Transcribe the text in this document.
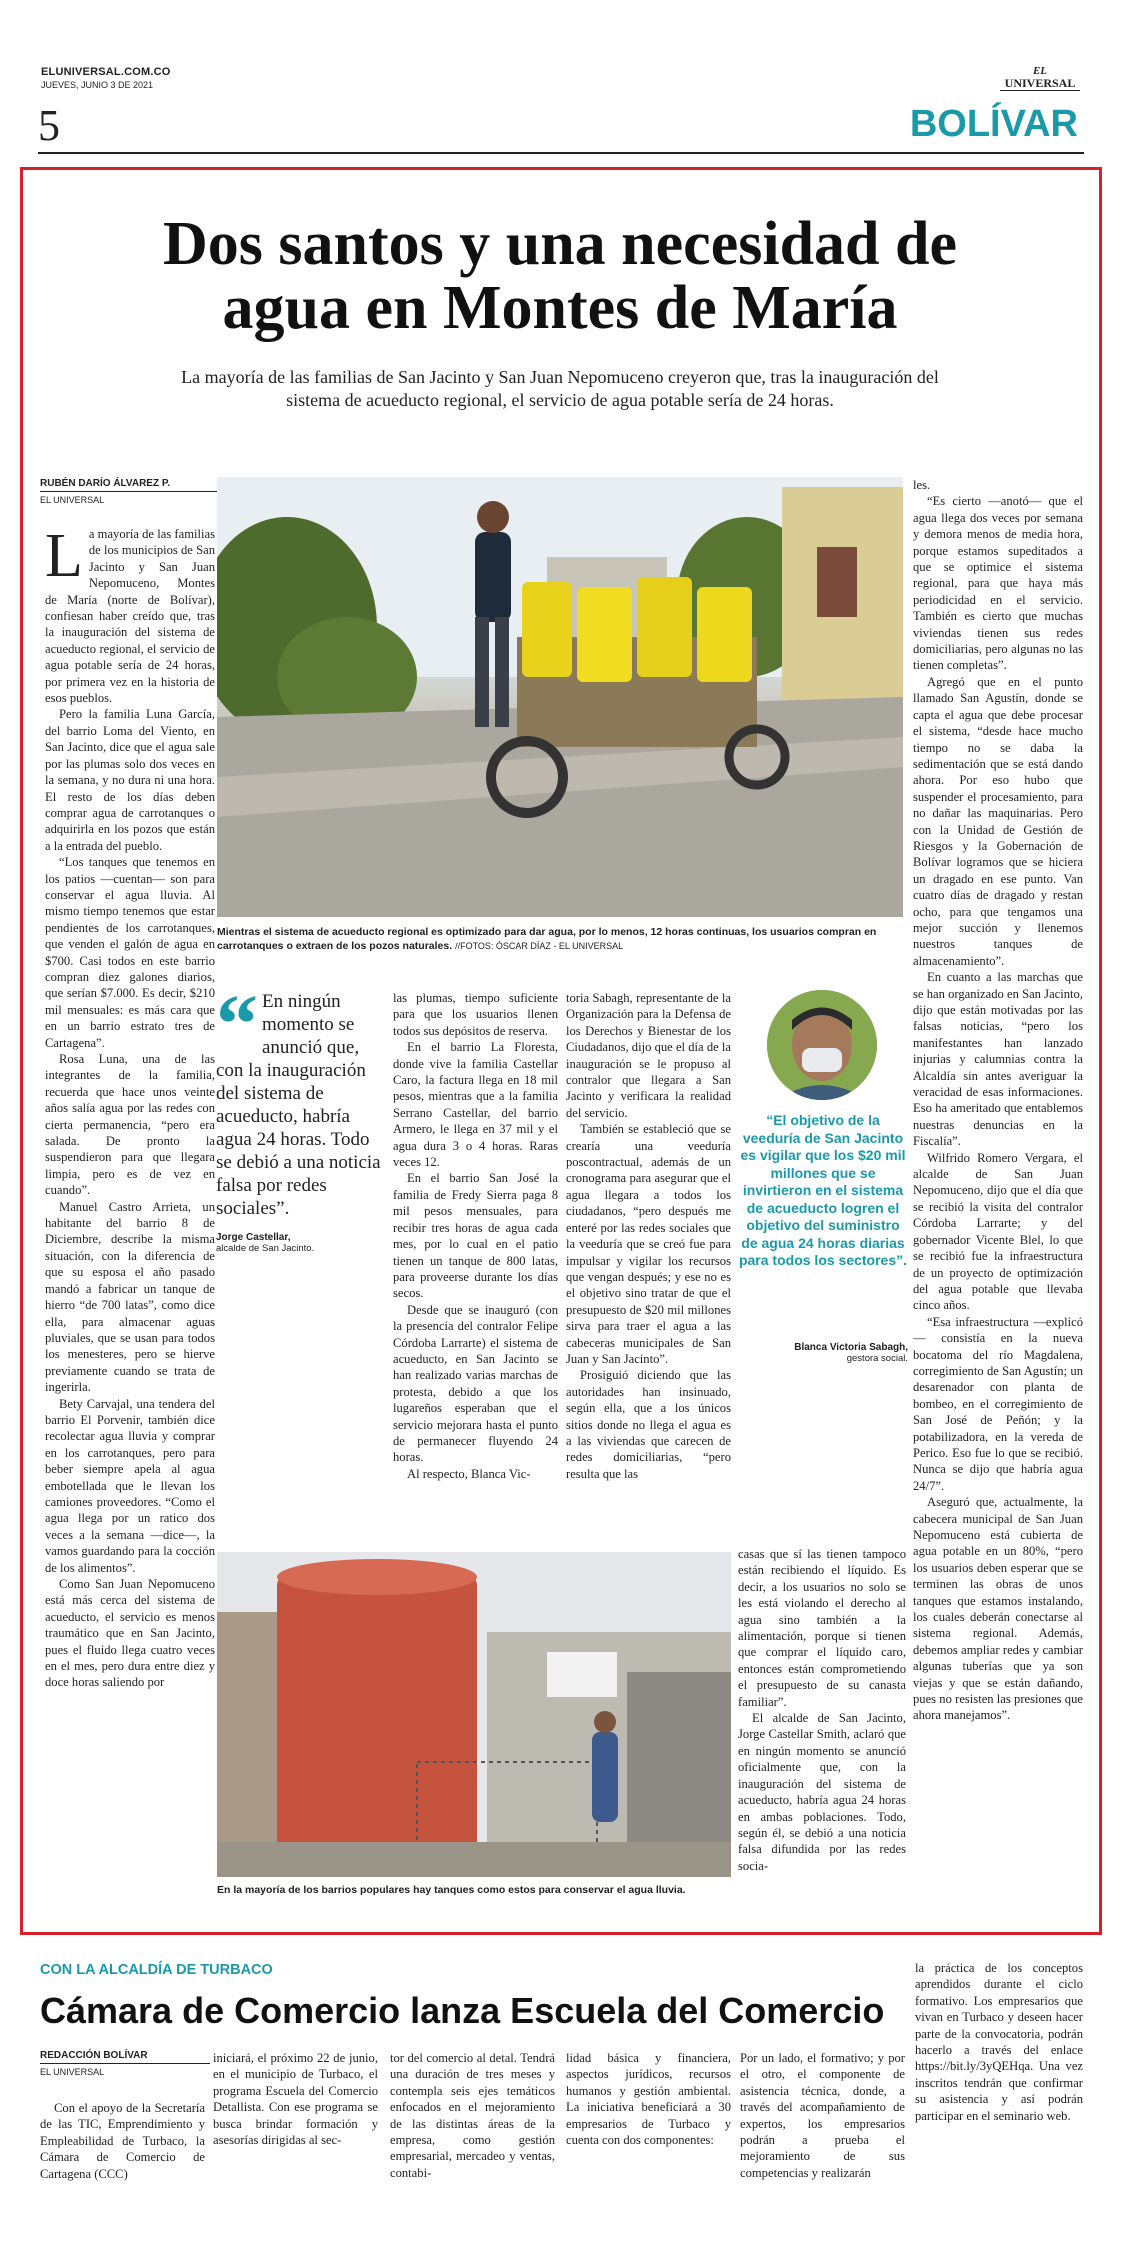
ELUNIVERSAL.COM.CO
JUEVES, JUNIO 3 DE 2021
5
EL
UNIVERSAL
BOLÍVAR
Dos santos y una necesidad de agua en Montes de María
La mayoría de las familias de San Jacinto y San Juan Nepomuceno creyeron que, tras la inauguración del sistema de acueducto regional, el servicio de agua potable sería de 24 horas.
RUBÉN DARÍO ÁLVAREZ P.
EL UNIVERSAL
Mientras el sistema de acueducto regional es optimizado para dar agua, por lo menos, 12 horas continuas, los usuarios compran en carrotanques o extraen de los pozos naturales. //FOTOS: ÓSCAR DÍAZ - EL UNIVERSAL

La mayoría de las familias de los municipios de San Jacinto y San Juan Nepomuceno, Montes de María (norte de Bolívar), confiesan haber creído que, tras la inauguración del sistema de acueducto regional, el servicio de agua potable sería de 24 horas, por primera vez en la historia de esos pueblos.

Pero la familia Luna García, del barrio Loma del Viento, en San Jacinto, dice que el agua sale por las plumas solo dos veces en la semana, y no dura ni una hora. El resto de los días deben comprar agua de carrotanques o adquirirla en los pozos que están a la entrada del pueblo.

“Los tanques que tenemos en los patios —cuentan— son para conservar el agua lluvia. Al mismo tiempo tenemos que estar pendientes de los carrotanques, que venden el galón de agua en $700. Casi todos en este barrio compran diez galones diarios, que serían $7.000. Es decir, $210 mil mensuales: es más cara que en un barrio estrato tres de Cartagena”.

Rosa Luna, una de las integrantes de la familia, recuerda que hace unos veinte años salía agua por las redes con cierta permanencia, “pero era salada. De pronto la suspendieron para que llegara limpia, pero es de vez en cuando”.

Manuel Castro Arrieta, un habitante del barrio 8 de Diciembre, describe la misma situación, con la diferencia de que su esposa el año pasado mandó a fabricar un tanque de hierro “de 700 latas”, como dice ella, para almacenar aguas pluviales, que se usan para todos los menesteres, pero se hierve previamente cuando se trata de ingerirla.

Bety Carvajal, una tendera del barrio El Porvenir, también dice recolectar agua lluvia y comprar en los carrotanques, pero para beber siempre apela al agua embotellada que le llevan los camiones proveedores. “Como el agua llega por un ratico dos veces a la semana —dice—, la vamos guardando para la cocción de los alimentos”.

Como San Juan Nepomuceno está más cerca del sistema de acueducto, el servicio es menos traumático que en San Jacinto, pues el fluido llega cuatro veces en el mes, pero dura entre diez y doce horas saliendo por

“ En ningún momento se anunció que, con la inauguración del sistema de acueducto, habría agua 24 horas. Todo se debió a una noticia falsa por redes sociales”.
Jorge Castellar,
alcalde de San Jacinto.

las plumas, tiempo suficiente para que los usuarios llenen todos sus depósitos de reserva.

En el barrio La Floresta, donde vive la familia Castellar Caro, la factura llega en 18 mil pesos, mientras que a la familia Serrano Castellar, del barrio Armero, le llega en 37 mil y el agua dura 3 o 4 horas. Raras veces 12.

En el barrio San José la familia de Fredy Sierra paga 8 mil pesos mensuales, para recibir tres horas de agua cada mes, por lo cual en el patio tienen un tanque de 800 latas, para proveerse durante los días secos.

Desde que se inauguró (con la presencia del contralor Felipe Córdoba Larrarte) el sistema de acueducto, en San Jacinto se han realizado varias marchas de protesta, debido a que los lugareños esperaban que el servicio mejorara hasta el punto de permanecer fluyendo 24 horas.

Al respecto, Blanca Vic-

toria Sabagh, representante de la Organización para la Defensa de los Derechos y Bienestar de los Ciudadanos, dijo que el día de la inauguración se le propuso al contralor que llegara a San Jacinto y verificara la realidad del servicio.

También se estableció que se crearía una veeduría poscontractual, además de un cronograma para asegurar que el agua llegara a todos los ciudadanos, “pero después me enteré por las redes sociales que la veeduría que se creó fue para impulsar y vigilar los recursos que vengan después; y ese no es el objetivo sino tratar de que el presupuesto de $20 mil millones sirva para traer el agua a las cabeceras municipales de San Juan y San Jacinto”.

Prosiguió diciendo que las autoridades han insinuado, según ella, que a los únicos sitios donde no llega el agua es a las viviendas que carecen de redes domiciliarias, “pero resulta que las

“El objetivo de la veeduría de San Jacinto es vigilar que los $20 mil millones que se invirtieron en el sistema de acueducto logren el objetivo del suministro de agua 24 horas diarias para todos los sectores”.
Blanca Victoria Sabagh,
gestora social.

casas que sí las tienen tampoco están recibiendo el líquido. Es decir, a los usuarios no solo se les está violando el derecho al agua sino también a la alimentación, porque si tienen que comprar el líquido caro, entonces están comprometiendo el presupuesto de su canasta familiar”.

El alcalde de San Jacinto, Jorge Castellar Smith, aclaró que en ningún momento se anunció oficialmente que, con la inauguración del sistema de acueducto, habría agua 24 horas en ambas poblaciones. Todo, según él, se debió a una noticia falsa difundida por las redes socia-

les.

“Es cierto —anotó— que el agua llega dos veces por semana y demora menos de media hora, porque estamos supeditados a que se optimice el sistema regional, para que haya más periodicidad en el servicio. También es cierto que muchas viviendas tienen sus redes domiciliarias, pero algunas no las tienen completas”.

Agregó que en el punto llamado San Agustín, donde se capta el agua que debe procesar el sistema, “desde hace mucho tiempo no se daba la sedimentación que se está dando ahora. Por eso hubo que suspender el procesamiento, para no dañar las maquinarias. Pero con la Unidad de Gestión de Riesgos y la Gobernación de Bolívar logramos que se hiciera un dragado en ese punto. Van cuatro días de dragado y restan ocho, para que tengamos una mejor succión y llenemos nuestros tanques de almacenamiento”.

En cuanto a las marchas que se han organizado en San Jacinto, dijo que están motivadas por las falsas noticias, “pero los manifestantes han lanzado injurias y calumnias contra la Alcaldía sin antes averiguar la veracidad de esas informaciones. Eso ha ameritado que entablemos nuestras denuncias en la Fiscalía”.

Wilfrido Romero Vergara, el alcalde de San Juan Nepomuceno, dijo que el día que se recibió la visita del contralor Córdoba Larrarte; y del gobernador Vicente Blel, lo que se recibió fue la infraestructura de un proyecto de optimización del agua potable que llevaba cinco años.

“Esa infraestructura —explicó— consistía en la nueva bocatoma del río Magdalena, corregimiento de San Agustín; un desarenador con planta de bombeo, en el corregimiento de San José de Peñón; y la potabilizadora, en la vereda de Perico. Eso fue lo que se recibió. Nunca se dijo que habría agua 24/7”.

Aseguró que, actualmente, la cabecera municipal de San Juan Nepomuceno está cubierta de agua potable en un 80%, “pero los usuarios deben esperar que se terminen las obras de unos tanques que estamos instalando, los cuales deberán conectarse al sistema regional. Además, debemos ampliar redes y cambiar algunas tuberías que ya son viejas y que se están dañando, pues no resisten las presiones que ahora manejamos”.

En la mayoría de los barrios populares hay tanques como estos para conservar el agua lluvia.
CON LA ALCALDÍA DE TURBACO
Cámara de Comercio lanza Escuela del Comercio
REDACCIÓN BOLÍVAR
EL UNIVERSAL

Con el apoyo de la Secretaría de las TIC, Emprendimiento y Empleabilidad de Turbaco, la Cámara de Comercio de Cartagena (CCC)

iniciará, el próximo 22 de junio, en el municipio de Turbaco, el programa Escuela del Comercio Detallista. Con ese programa se busca brindar formación y asesorías dirigidas al sec-

tor del comercio al detal. Tendrá una duración de tres meses y contempla seis ejes temáticos enfocados en el mejoramiento de las distintas áreas de la empresa, como gestión empresarial, mercadeo y ventas, contabi-

lidad básica y financiera, aspectos jurídicos, recursos humanos y gestión ambiental. La iniciativa beneficiará a 30 empresarios de Turbaco y cuenta con dos componentes:

Por un lado, el formativo; y por el otro, el componente de asistencia técnica, donde, a través del acompañamiento de expertos, los empresarios podrán a prueba el mejoramiento de sus competencias y realizarán

la práctica de los conceptos aprendidos durante el ciclo formativo. Los empresarios que vivan en Turbaco y deseen hacer parte de la convocatoria, podrán hacerlo a través del enlace https://bit.ly/3yQEHqa. Una vez inscritos tendrán que confirmar su asistencia y así podrán participar en el seminario web.
